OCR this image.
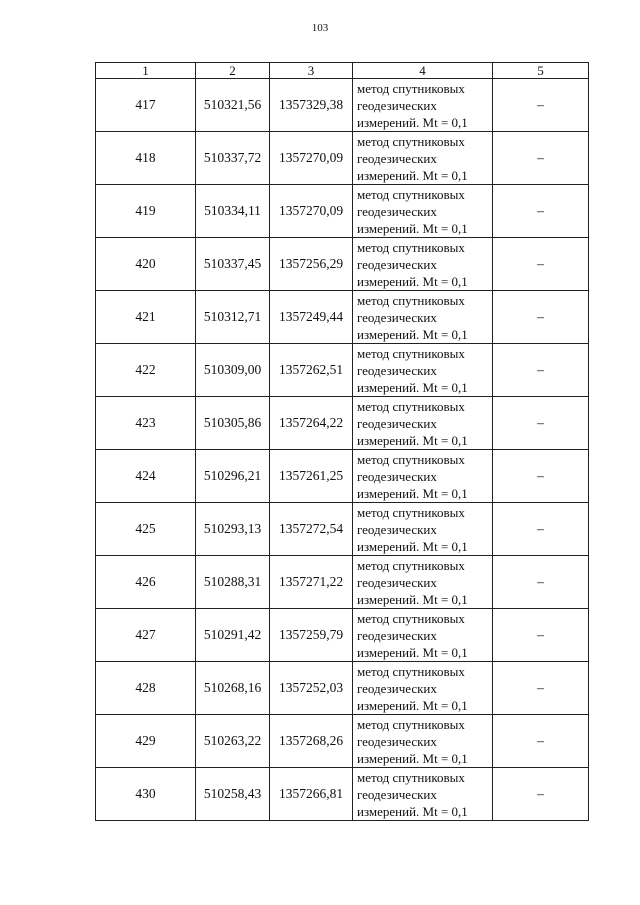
103
1	2	3	4	5
417	510321,56	1357329,38	метод спутниковых
геодезических
измерений. Mt = 0,1	–
418	510337,72	1357270,09	метод спутниковых
геодезических
измерений. Mt = 0,1	–
419	510334,11	1357270,09	метод спутниковых
геодезических
измерений. Mt = 0,1	–
420	510337,45	1357256,29	метод спутниковых
геодезических
измерений. Mt = 0,1	–
421	510312,71	1357249,44	метод спутниковых
геодезических
измерений. Mt = 0,1	–
422	510309,00	1357262,51	метод спутниковых
геодезических
измерений. Mt = 0,1	–
423	510305,86	1357264,22	метод спутниковых
геодезических
измерений. Mt = 0,1	–
424	510296,21	1357261,25	метод спутниковых
геодезических
измерений. Mt = 0,1	–
425	510293,13	1357272,54	метод спутниковых
геодезических
измерений. Mt = 0,1	–
426	510288,31	1357271,22	метод спутниковых
геодезических
измерений. Mt = 0,1	–
427	510291,42	1357259,79	метод спутниковых
геодезических
измерений. Mt = 0,1	–
428	510268,16	1357252,03	метод спутниковых
геодезических
измерений. Mt = 0,1	–
429	510263,22	1357268,26	метод спутниковых
геодезических
измерений. Mt = 0,1	–
430	510258,43	1357266,81	метод спутниковых
геодезических
измерений. Mt = 0,1	–
